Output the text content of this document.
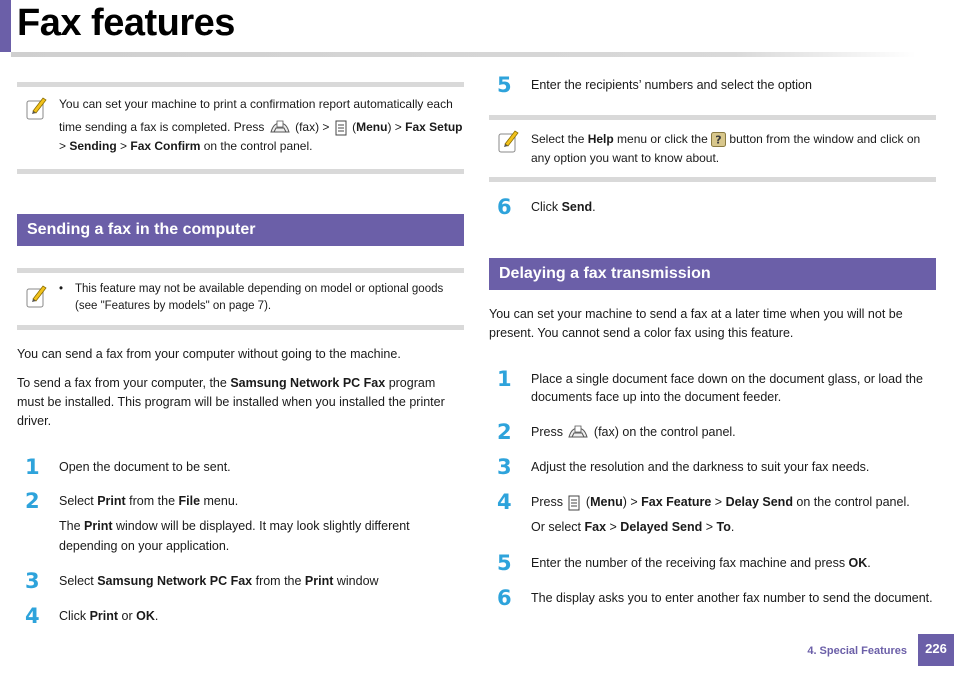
Fax features
You can set your machine to print a confirmation report automatically each
time sending a fax is completed. Press  (fax) >  (Menu) > Fax Setup
> Sending > Fax Confirm on the control panel.
Sending a fax in the computer
• This feature may not be available depending on model or optional goods (see "Features by models" on page 7).
You can send a fax from your computer without going to the machine.
To send a fax from your computer, the Samsung Network PC Fax program must be installed. This program will be installed when you installed the printer driver.
1 Open the document to be sent.
2 Select Print from the File menu.
The Print window will be displayed. It may look slightly different depending on your application.
3 Select Samsung Network PC Fax from the Print window
4 Click Print or OK.
5 Enter the recipients’ numbers and select the option
Select the Help menu or click the ? button from the window and click on any option you want to know about.
6 Click Send.
Delaying a fax transmission
You can set your machine to send a fax at a later time when you will not be present. You cannot send a color fax using this feature.
1 Place a single document face down on the document glass, or load the documents face up into the document feeder.
2 Press  (fax) on the control panel.
3 Adjust the resolution and the darkness to suit your fax needs.
4 Press  (Menu) > Fax Feature > Delay Send on the control panel.
Or select Fax > Delayed Send > To.
5 Enter the number of the receiving fax machine and press OK.
6 The display asks you to enter another fax number to send the document.
4. Special Features	226
